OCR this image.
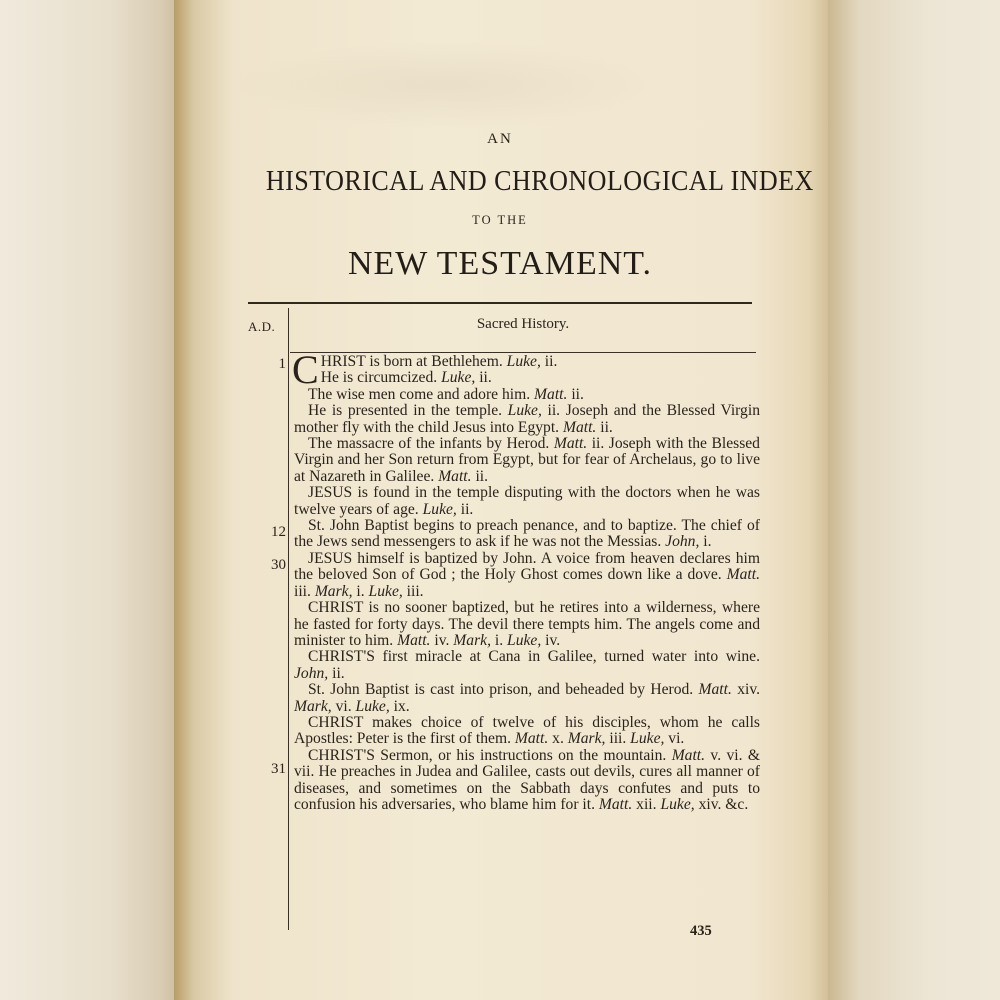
AN
HISTORICAL AND CHRONOLOGICAL INDEX
TO THE
NEW TESTAMENT.
A.D.	Sacred History.
1
12
30
31

CHRIST is born at Bethlehem. Luke, ii.
He is circumcized. Luke, ii.

The wise men come and adore him. Matt. ii.

He is presented in the temple. Luke, ii. Joseph and the Blessed Virgin mother fly with the child Jesus into Egypt. Matt. ii.

The massacre of the infants by Herod. Matt. ii. Joseph with the Blessed Virgin and her Son return from Egypt, but for fear of Archelaus, go to live at Nazareth in Galilee. Matt. ii.

JESUS is found in the temple disputing with the doctors when he was twelve years of age. Luke, ii.

St. John Baptist begins to preach penance, and to baptize. The chief of the Jews send messengers to ask if he was not the Messias. John, i.

JESUS himself is baptized by John. A voice from heaven declares him the beloved Son of God ; the Holy Ghost comes down like a dove. Matt. iii. Mark, i. Luke, iii.

CHRIST is no sooner baptized, but he retires into a wilderness, where he fasted for forty days. The devil there tempts him. The angels come and minister to him. Matt. iv. Mark, i. Luke, iv.

CHRIST'S first miracle at Cana in Galilee, turned water into wine. John, ii.

St. John Baptist is cast into prison, and beheaded by Herod. Matt. xiv. Mark, vi. Luke, ix.

CHRIST makes choice of twelve of his disciples, whom he calls Apostles: Peter is the first of them. Matt. x. Mark, iii. Luke, vi.

CHRIST'S Sermon, or his instructions on the mountain. Matt. v. vi. & vii. He preaches in Judea and Galilee, casts out devils, cures all manner of diseases, and sometimes on the Sabbath days confutes and puts to confusion his adversaries, who blame him for it. Matt. xii. Luke, xiv. &c.

435
